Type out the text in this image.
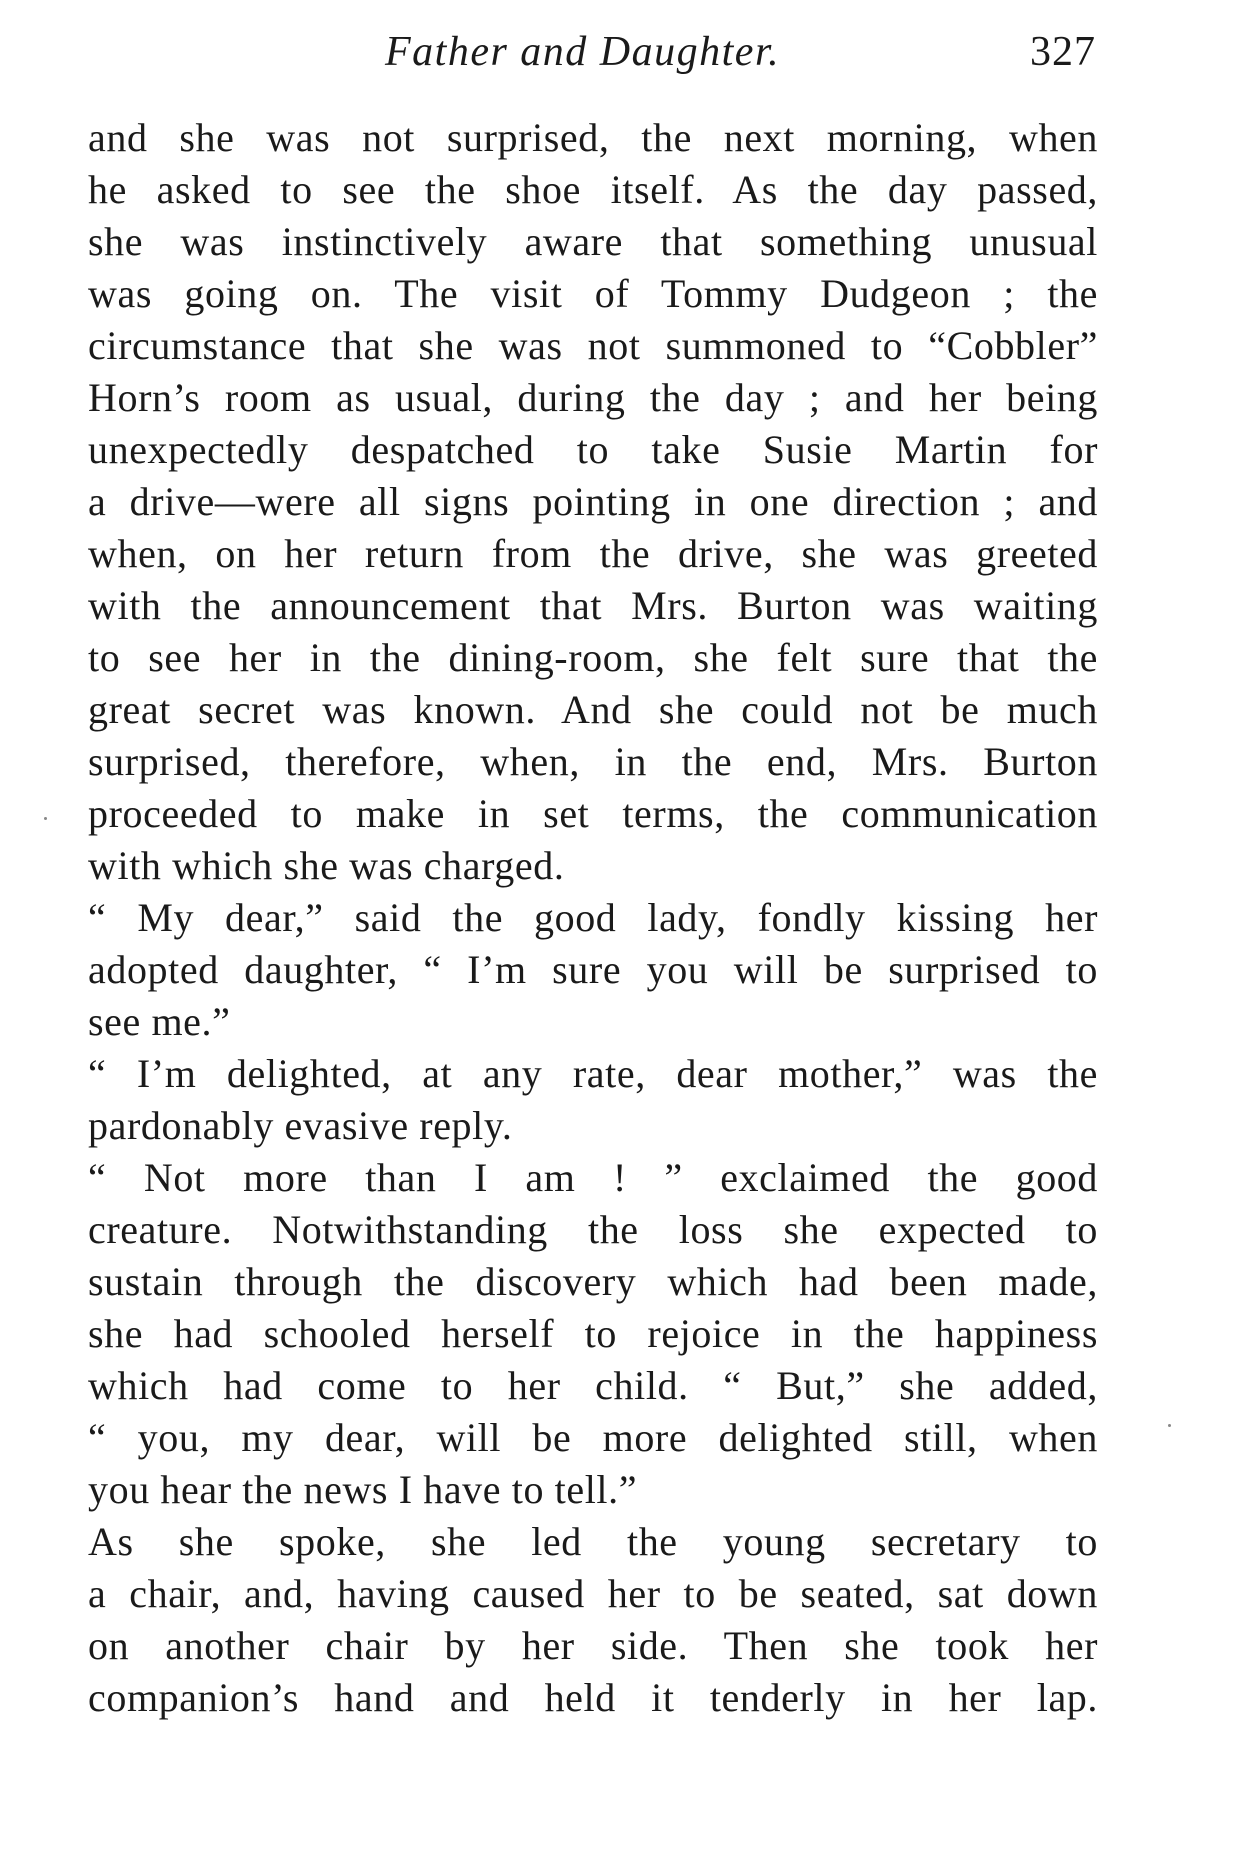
Father and Daughter.	327
and she was not surprised, the next morning, when
he asked to see the shoe itself. As the day passed,
she was instinctively aware that something unusual
was going on. The visit of Tommy Dudgeon ; the
circumstance that she was not summoned to “Cobbler”
Horn’s room as usual, during the day ; and her being
unexpectedly despatched to take Susie Martin for
a drive—were all signs pointing in one direction ; and
when, on her return from the drive, she was greeted
with the announcement that Mrs. Burton was waiting
to see her in the dining-room, she felt sure that the
great secret was known. And she could not be much
surprised, therefore, when, in the end, Mrs. Burton
proceeded to make in set terms, the communication
with which she was charged.
“ My dear,” said the good lady, fondly kissing her
adopted daughter, “ I’m sure you will be surprised to
see me.”
“ I’m delighted, at any rate, dear mother,” was the
pardonably evasive reply.
“ Not more than I am ! ” exclaimed the good
creature. Notwithstanding the loss she expected to
sustain through the discovery which had been made,
she had schooled herself to rejoice in the happiness
which had come to her child. “ But,” she added,
“ you, my dear, will be more delighted still, when
you hear the news I have to tell.”
As she spoke, she led the young secretary to
a chair, and, having caused her to be seated, sat down
on another chair by her side. Then she took her
companion’s hand and held it tenderly in her lap.
